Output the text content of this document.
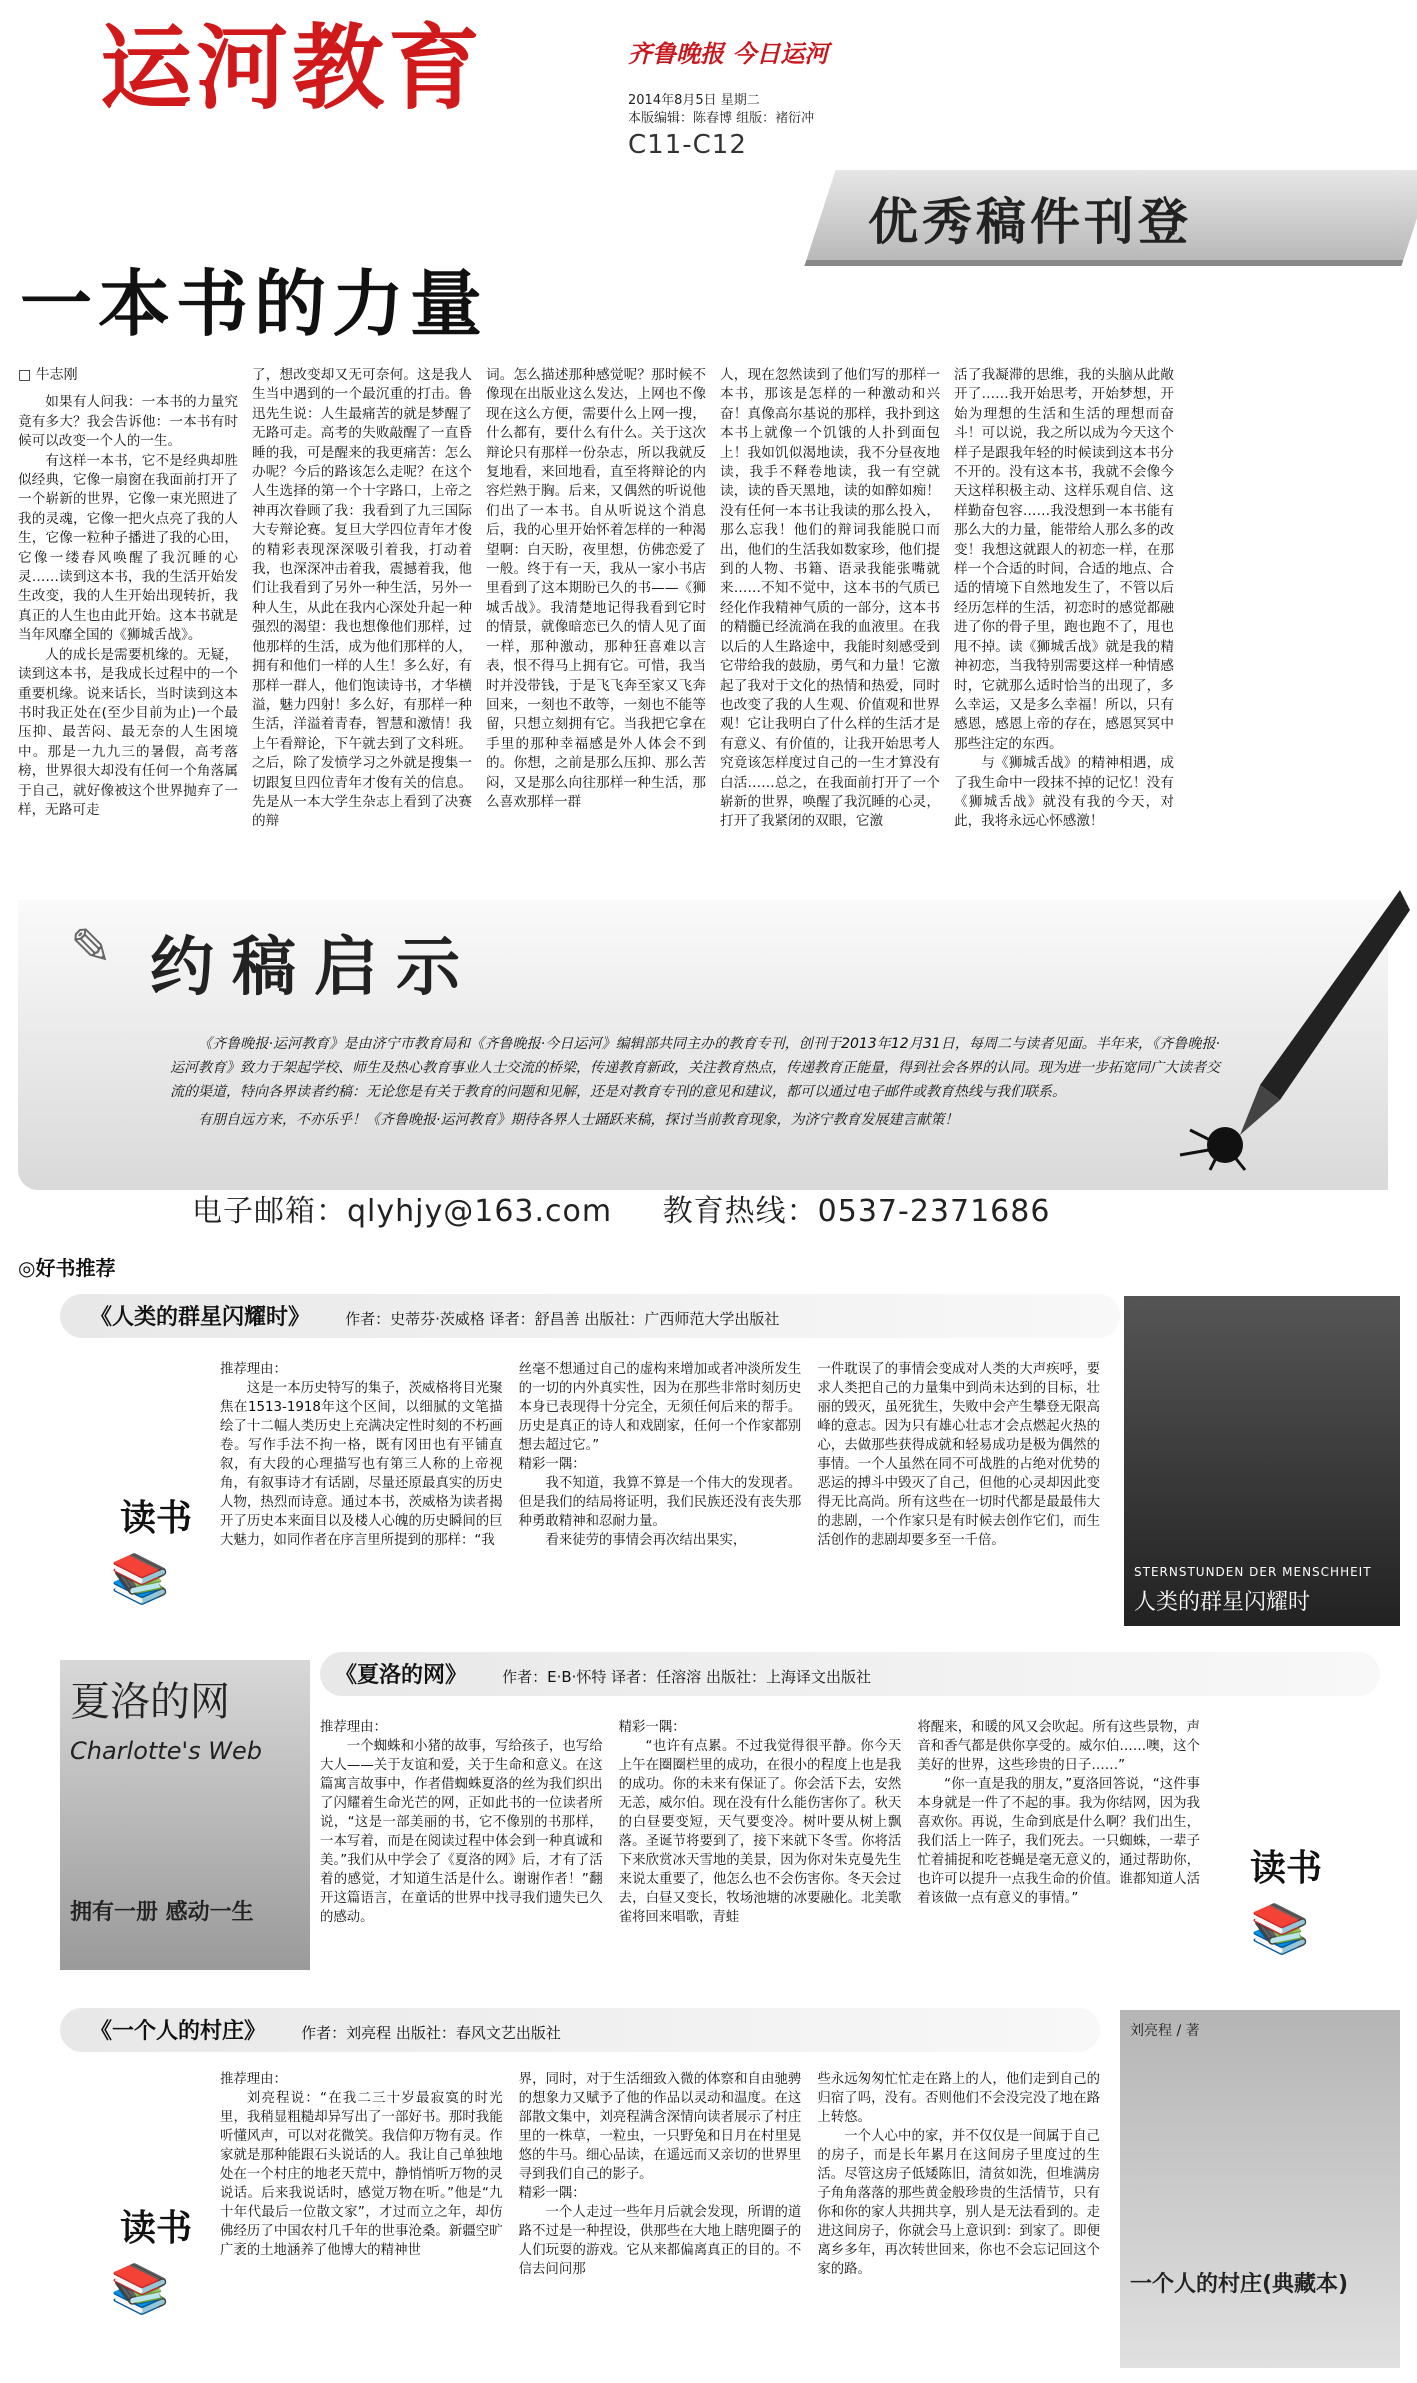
运河教育	齐鲁晚报 今日运河
2014年8月5日 星期二
本版编辑：陈春博 组版：褚衍冲
C11-C12
优秀稿件刊登
一本书的力量
□ 牛志刚

如果有人问我：一本书的力量究竟有多大？我会告诉他：一本书有时候可以改变一个人的一生。

有这样一本书，它不是经典却胜似经典，它像一扇窗在我面前打开了一个崭新的世界，它像一束光照进了我的灵魂，它像一把火点亮了我的人生，它像一粒种子播进了我的心田，它像一缕春风唤醒了我沉睡的心灵……读到这本书，我的生活开始发生改变，我的人生开始出现转折，我真正的人生也由此开始。这本书就是当年风靡全国的《狮城舌战》。

人的成长是需要机缘的。无疑，读到这本书，是我成长过程中的一个重要机缘。说来话长，当时读到这本书时我正处在(至少目前为止)一个最压抑、最苦闷、最无奈的人生困境中。那是一九九三的暑假，高考落榜，世界很大却没有任何一个角落属于自己，就好像被这个世界抛弃了一样，无路可走

了，想改变却又无可奈何。这是我人生当中遇到的一个最沉重的打击。鲁迅先生说：人生最痛苦的就是梦醒了无路可走。高考的失败敲醒了一直昏睡的我，可是醒来的我更痛苦：怎么办呢？今后的路该怎么走呢？在这个人生选择的第一个十字路口，上帝之神再次眷顾了我：我看到了九三国际大专辩论赛。复旦大学四位青年才俊的精彩表现深深吸引着我，打动着我，也深深冲击着我，震撼着我，他们让我看到了另外一种生活，另外一种人生，从此在我内心深处升起一种强烈的渴望：我也想像他们那样，过他那样的生活，成为他们那样的人，拥有和他们一样的人生！多么好，有那样一群人，他们饱读诗书，才华横溢，魅力四射！多么好，有那样一种生活，洋溢着青春，智慧和激情！我上午看辩论，下午就去到了文科班。之后，除了发愤学习之外就是搜集一切跟复旦四位青年才俊有关的信息。先是从一本大学生杂志上看到了决赛的辩

词。怎么描述那种感觉呢？那时候不像现在出版业这么发达，上网也不像现在这么方便，需要什么上网一搜，什么都有，要什么有什么。关于这次辩论只有那样一份杂志，所以我就反复地看，来回地看，直至将辩论的内容烂熟于胸。后来，又偶然的听说他们出了一本书。自从听说这个消息后，我的心里开始怀着怎样的一种渴望啊：白天盼，夜里想，仿佛恋爱了一般。终于有一天，我从一家小书店里看到了这本期盼已久的书——《狮城舌战》。我清楚地记得我看到它时的情景，就像暗恋已久的情人见了面一样，那种激动，那种狂喜难以言表，恨不得马上拥有它。可惜，我当时并没带钱，于是飞飞奔至家又飞奔回来，一刻也不敢等，一刻也不能等留，只想立刻拥有它。当我把它拿在手里的那种幸福感是外人体会不到的。你想，之前是那么压抑、那么苦闷，又是那么向往那样一种生活，那么喜欢那样一群

人，现在忽然读到了他们写的那样一本书，那该是怎样的一种激动和兴奋！真像高尔基说的那样，我扑到这本书上就像一个饥饿的人扑到面包上！我如饥似渴地读，我不分昼夜地读，我手不释卷地读，我一有空就读，读的昏天黑地，读的如醉如痴！没有任何一本书让我读的那么投入，那么忘我！他们的辩词我能脱口而出，他们的生活我如数家珍，他们提到的人物、书籍、语录我能张嘴就来……不知不觉中，这本书的气质已经化作我精神气质的一部分，这本书的精髓已经流淌在我的血液里。在我以后的人生路途中，我能时刻感受到它带给我的鼓励，勇气和力量！它激起了我对于文化的热情和热爱，同时也改变了我的人生观、价值观和世界观！它让我明白了什么样的生活才是有意义、有价值的，让我开始思考人究竟该怎样度过自己的一生才算没有白活……总之，在我面前打开了一个崭新的世界，唤醒了我沉睡的心灵，打开了我紧闭的双眼，它激

活了我凝滞的思维，我的头脑从此敞开了……我开始思考，开始梦想，开始为理想的生活和生活的理想而奋斗！可以说，我之所以成为今天这个样子是跟我年轻的时候读到这本书分不开的。没有这本书，我就不会像今天这样积极主动、这样乐观自信、这样勤奋包容……我没想到一本书能有那么大的力量，能带给人那么多的改变！我想这就跟人的初恋一样，在那样一个合适的时间，合适的地点、合适的情境下自然地发生了，不管以后经历怎样的生活，初恋时的感觉都融进了你的骨子里，跑也跑不了，甩也甩不掉。读《狮城舌战》就是我的精神初恋，当我特别需要这样一种情感时，它就那么适时恰当的出现了，多么幸运，又是多么幸福！所以，只有感恩，感恩上帝的存在，感恩冥冥中那些注定的东西。

与《狮城舌战》的精神相遇，成了我生命中一段抹不掉的记忆！没有《狮城舌战》就没有我的今天，对此，我将永远心怀感激！

✎ 约稿启示

《齐鲁晚报·运河教育》是由济宁市教育局和《齐鲁晚报·今日运河》编辑部共同主办的教育专刊，创刊于2013年12月31日，每周二与读者见面。半年来，《齐鲁晚报·运河教育》致力于架起学校、师生及热心教育事业人士交流的桥梁，传递教育新政，关注教育热点，传递教育正能量，得到社会各界的认同。现为进一步拓宽同广大读者交流的渠道，特向各界读者约稿：无论您是有关于教育的问题和见解，还是对教育专刊的意见和建议，都可以通过电子邮件或教育热线与我们联系。

有朋自远方来，不亦乐乎！《齐鲁晚报·运河教育》期待各界人士踊跃来稿，探讨当前教育现象，为济宁教育发展建言献策！

电子邮箱：qlyhjy@163.com 教育热线：0537-2371686
◎好书推荐
《人类的群星闪耀时》 作者：史蒂芬·茨威格 译者：舒昌善 出版社：广西师范大学出版社
读书
📚
推荐理由：

这是一本历史特写的集子，茨威格将目光聚焦在1513-1918年这个区间，以细腻的文笔描绘了十二幅人类历史上充满决定性时刻的不朽画卷。写作手法不拘一格，既有冈田也有平铺直叙，有大段的心理描写也有第三人称的上帝视角，有叙事诗才有话剧，尽量还原最真实的历史人物，热烈而诗意。通过本书，茨威格为读者揭开了历史本来面目以及楼人心魄的历史瞬间的巨大魅力，如同作者在序言里所提到的那样：“我

丝毫不想通过自己的虚构来增加或者冲淡所发生的一切的内外真实性，因为在那些非常时刻历史本身已表现得十分完全，无须任何后来的帮手。历史是真正的诗人和戏剧家，任何一个作家都别想去超过它。”

精彩一隅：

我不知道，我算不算是一个伟大的发现者。但是我们的结局将证明，我们民族还没有丧失那种勇敢精神和忍耐力量。

看来徒劳的事情会再次结出果实，

一件耽误了的事情会变成对人类的大声疾呼，要求人类把自己的力量集中到尚未达到的目标，壮丽的毁灭，虽死犹生，失败中会产生攀登无限高峰的意志。因为只有雄心壮志才会点燃起火热的心，去做那些获得成就和轻易成功是极为偶然的事情。一个人虽然在同不可战胜的占绝对优势的恶运的搏斗中毁灭了自己，但他的心灵却因此变得无比高尚。所有这些在一切时代都是最最伟大的悲剧，一个作家只是有时候去创作它们，而生活创作的悲剧却要多至一千倍。

STERNSTUNDEN DER MENSCHHEIT
人类的群星闪耀时
夏洛的网
Charlotte's Web
拥有一册 感动一生
《夏洛的网》 作者：E·B·怀特 译者：任溶溶 出版社：上海译文出版社
推荐理由：

一个蜘蛛和小猪的故事，写给孩子，也写给大人——关于友谊和爱，关于生命和意义。在这篇寓言故事中，作者借蜘蛛夏洛的丝为我们织出了闪耀着生命光芒的网，正如此书的一位读者所说，“这是一部美丽的书，它不像别的书那样，一本写着，而是在阅读过程中体会到一种真诚和美。”我们从中学会了《夏洛的网》后，才有了活着的感觉，才知道生活是什么。谢谢作者！”翻开这篇语言，在童话的世界中找寻我们遗失已久的感动。

精彩一隅：

“也许有点累。不过我觉得很平静。你今天上午在圈圈栏里的成功，在很小的程度上也是我的成功。你的未来有保证了。你会活下去，安然无恙，威尔伯。现在没有什么能伤害你了。秋天的白昼要变短，天气要变冷。树叶要从树上飘落。圣诞节将要到了，接下来就下冬雪。你将活下来欣赏冰天雪地的美景，因为你对朱克曼先生来说太重要了，他怎么也不会伤害你。冬天会过去，白昼又变长，牧场池塘的冰要融化。北美歌雀将回来唱歌，青蛙

将醒来，和暖的风又会吹起。所有这些景物，声音和香气都是供你享受的。威尔伯……噢，这个美好的世界，这些珍贵的日子……”

“你一直是我的朋友，”夏洛回答说，“这件事本身就是一件了不起的事。我为你结网，因为我喜欢你。再说，生命到底是什么啊？我们出生，我们活上一阵子，我们死去。一只蜘蛛，一辈子忙着捕捉和吃苍蝇是毫无意义的，通过帮助你，也许可以提升一点我生命的价值。谁都知道人活着该做一点有意义的事情。”

读书
📚
《一个人的村庄》 作者：刘亮程 出版社：春风文艺出版社
读书
📚
推荐理由：

刘亮程说：“在我二三十岁最寂寞的时光里，我稍显粗糙却异写出了一部好书。那时我能听懂风声，可以对花微笑。我信仰万物有灵。作家就是那种能跟石头说话的人。我让自己单独地处在一个村庄的地老天荒中，静悄悄听万物的灵说话。后来我说话时，感觉万物在听。”他是“九十年代最后一位散文家”，才过而立之年，却仿佛经历了中国农村几千年的世事沧桑。新疆空旷广袤的土地涵养了他博大的精神世

界，同时，对于生活细致入微的体察和自由驰骋的想象力又赋予了他的作品以灵动和温度。在这部散文集中，刘亮程满含深情向读者展示了村庄里的一株草，一粒虫，一只野兔和日月在村里晃悠的牛马。细心品读，在遥远而又亲切的世界里寻到我们自己的影子。

精彩一隅：

一个人走过一些年月后就会发现，所谓的道路不过是一种捏设，供那些在大地上瞎兜圈子的人们玩耍的游戏。它从来都偏离真正的目的。不信去问问那

些永远匆匆忙忙走在路上的人，他们走到自己的归宿了吗，没有。否则他们不会没完没了地在路上转悠。

一个人心中的家，并不仅仅是一间属于自己的房子，而是长年累月在这间房子里度过的生活。尽管这房子低矮陈旧，清贫如洗，但堆满房子角角落落的那些黄金般珍贵的生活情节，只有你和你的家人共拥共享，别人是无法看到的。走进这间房子，你就会马上意识到：到家了。即便离乡多年，再次转世回来，你也不会忘记回这个家的路。

刘亮程 / 著
一个人的村庄(典藏本)
